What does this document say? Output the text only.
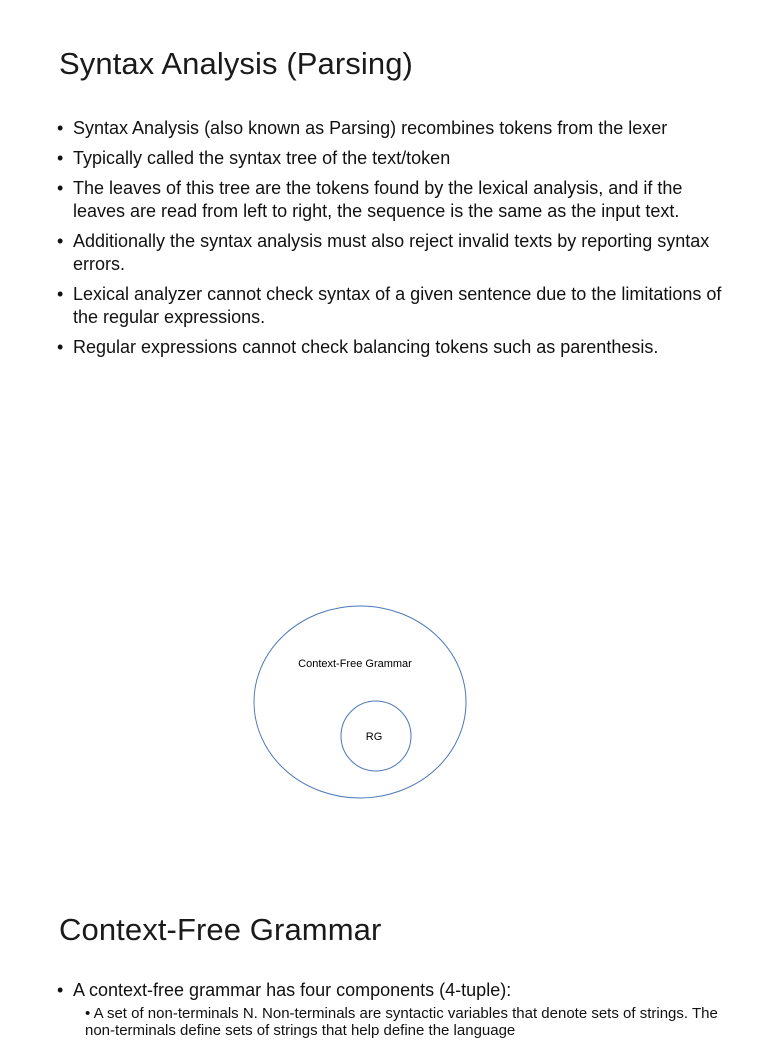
Syntax Analysis (Parsing)
• Syntax Analysis (also known as Parsing) recombines tokens from the lexer
• Typically called the syntax tree of the text/token
• The leaves of this tree are the tokens found by the lexical analysis, and if the leaves are read from left to right, the sequence is the same as the input text.
• Additionally the syntax analysis must also reject invalid texts by reporting syntax errors.
• Lexical analyzer cannot check syntax of a given sentence due to the limitations of the regular expressions.
• Regular expressions cannot check balancing tokens such as parenthesis.
Context-Free Grammar
RG
Context-Free Grammar
• A context-free grammar has four components (4-tuple):
• A set of non-terminals N. Non-terminals are syntactic variables that denote sets of strings. The non-terminals define sets of strings that help define the language
